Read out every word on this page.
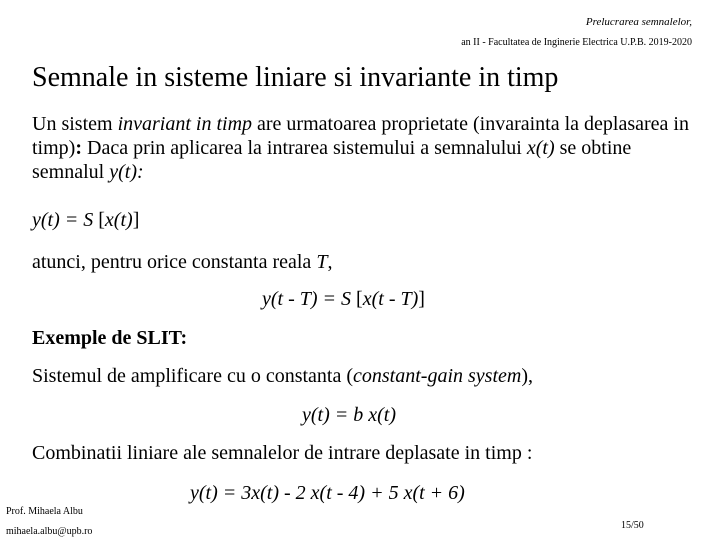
Prelucrarea semnalelor,
an II - Facultatea de Inginerie Electrica U.P.B. 2019-2020
Semnale in sisteme liniare si invariante in timp
Un sistem invariant in timp are urmatoarea proprietate (invarainta la deplasarea in timp): Daca prin aplicarea la intrarea sistemului a semnalului x(t) se obtine semnalul y(t):
y(t) = S [x(t)]
atunci, pentru orice constanta reala T,
y(t - T) = S [x(t - T)]
Exemple de SLIT:
Sistemul de amplificare cu o constanta (constant-gain system),
y(t) = b x(t)
Combinatii liniare ale semnalelor de intrare deplasate in timp :
y(t) = 3x(t) - 2 x(t - 4) + 5 x(t + 6)
Prof. Mihaela Albu
mihaela.albu@upb.ro
15/50
